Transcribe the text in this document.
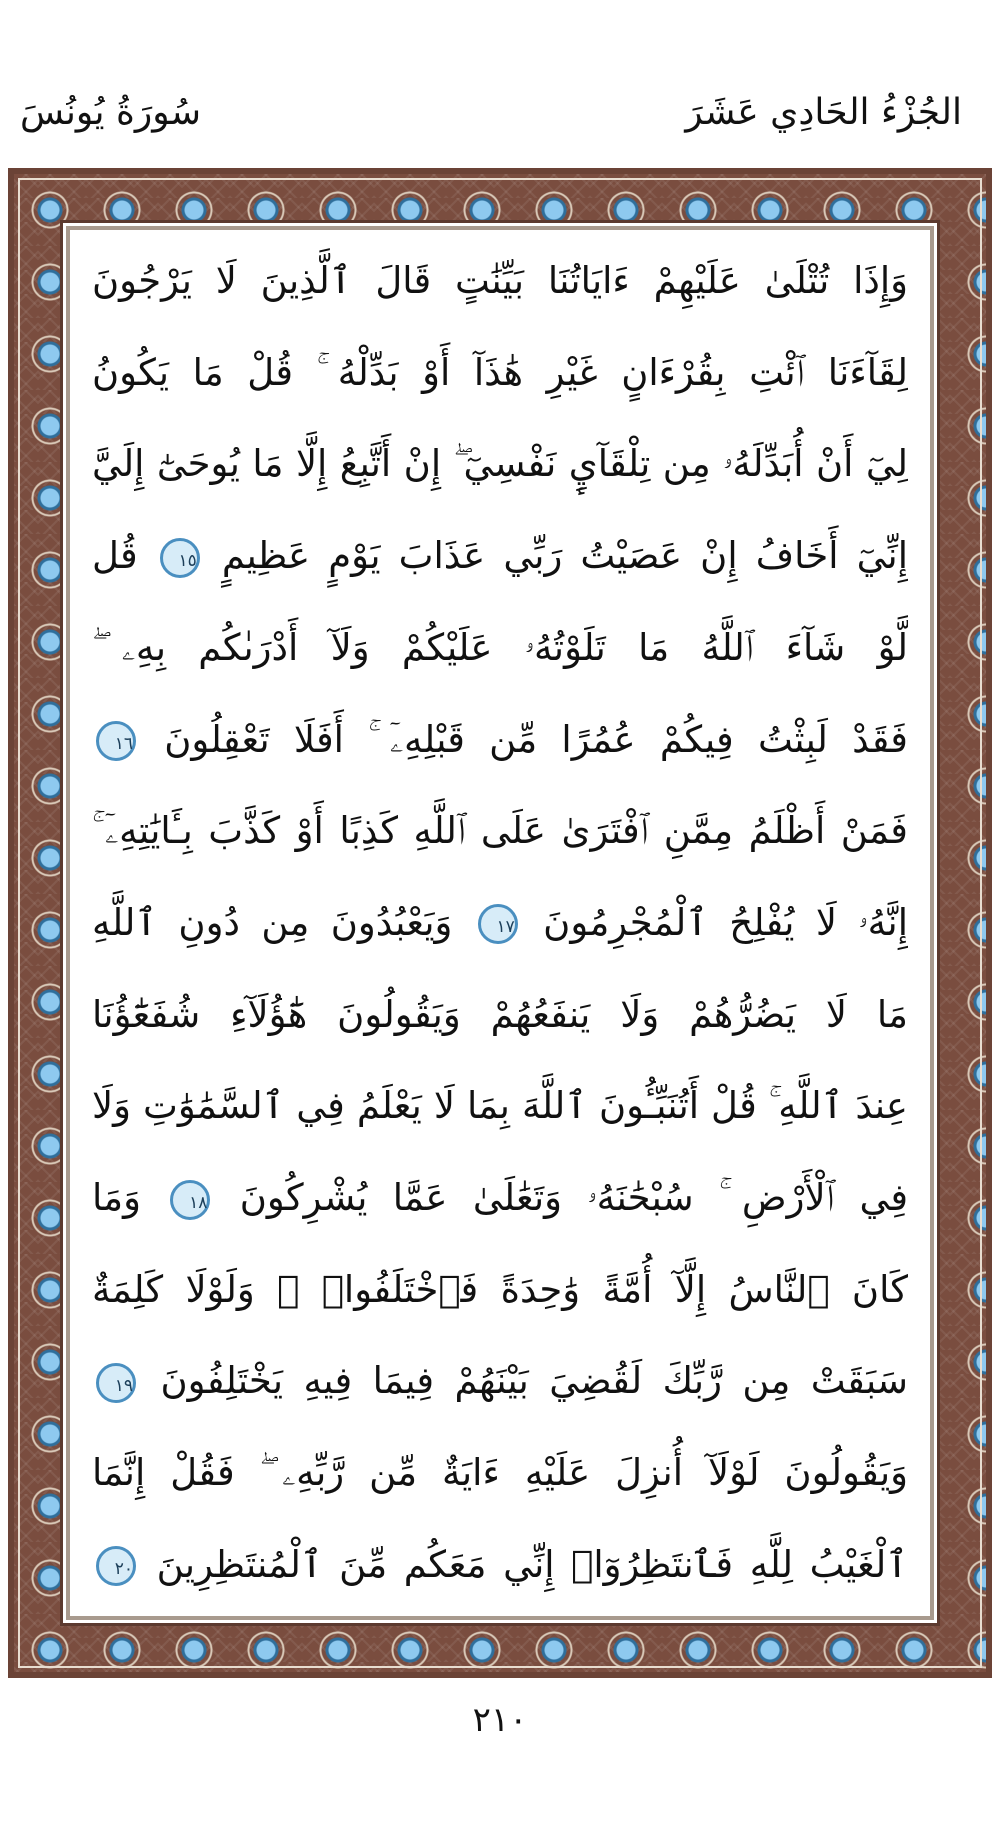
الجُزْءُ الحَادِي عَشَرَ
سُورَةُ يُونُسَ
وَإِذَا تُتْلَىٰ عَلَيْهِمْ ءَايَاتُنَا بَيِّنَٰتٍ قَالَ ٱلَّذِينَ لَا يَرْجُونَ
لِقَآءَنَا ٱئْتِ بِقُرْءَانٍ غَيْرِ هَٰذَآ أَوْ بَدِّلْهُ ۚ قُلْ مَا يَكُونُ
لِيٓ أَنْ أُبَدِّلَهُۥ مِن تِلْقَآيِٕ نَفْسِيٓ ۖ إِنْ أَتَّبِعُ إِلَّا مَا يُوحَىٰٓ إِلَيَّ
إِنِّيٓ أَخَافُ إِنْ عَصَيْتُ رَبِّي عَذَابَ يَوْمٍ عَظِيمٍ ١٥ قُل
لَّوْ شَآءَ ٱللَّهُ مَا تَلَوْتُهُۥ عَلَيْكُمْ وَلَآ أَدْرَىٰكُم بِهِۦ ۖ
فَقَدْ لَبِثْتُ فِيكُمْ عُمُرًا مِّن قَبْلِهِۦٓ ۚ أَفَلَا تَعْقِلُونَ ١٦
فَمَنْ أَظْلَمُ مِمَّنِ ٱفْتَرَىٰ عَلَى ٱللَّهِ كَذِبًا أَوْ كَذَّبَ بِـَٔايَٰتِهِۦٓ ۚ
إِنَّهُۥ لَا يُفْلِحُ ٱلْمُجْرِمُونَ ١٧ وَيَعْبُدُونَ مِن دُونِ ٱللَّهِ
مَا لَا يَضُرُّهُمْ وَلَا يَنفَعُهُمْ وَيَقُولُونَ هَٰٓؤُلَآءِ شُفَعَٰٓؤُنَا
عِندَ ٱللَّهِ ۚ قُلْ أَتُنَبِّـُٔونَ ٱللَّهَ بِمَا لَا يَعْلَمُ فِي ٱلسَّمَٰوَٰتِ وَلَا
فِي ٱلْأَرْضِ ۚ سُبْحَٰنَهُۥ وَتَعَٰلَىٰ عَمَّا يُشْرِكُونَ ١٨ وَمَا
كَانَ ٱلنَّاسُ إِلَّآ أُمَّةً وَٰحِدَةً فَٱخْتَلَفُوا۟ ۚ وَلَوْلَا كَلِمَةٌ
سَبَقَتْ مِن رَّبِّكَ لَقُضِيَ بَيْنَهُمْ فِيمَا فِيهِ يَخْتَلِفُونَ ١٩
وَيَقُولُونَ لَوْلَآ أُنزِلَ عَلَيْهِ ءَايَةٌ مِّن رَّبِّهِۦ ۖ فَقُلْ إِنَّمَا
ٱلْغَيْبُ لِلَّهِ فَٱنتَظِرُوٓا۟ إِنِّي مَعَكُم مِّنَ ٱلْمُنتَظِرِينَ ٢٠
٢١٠
